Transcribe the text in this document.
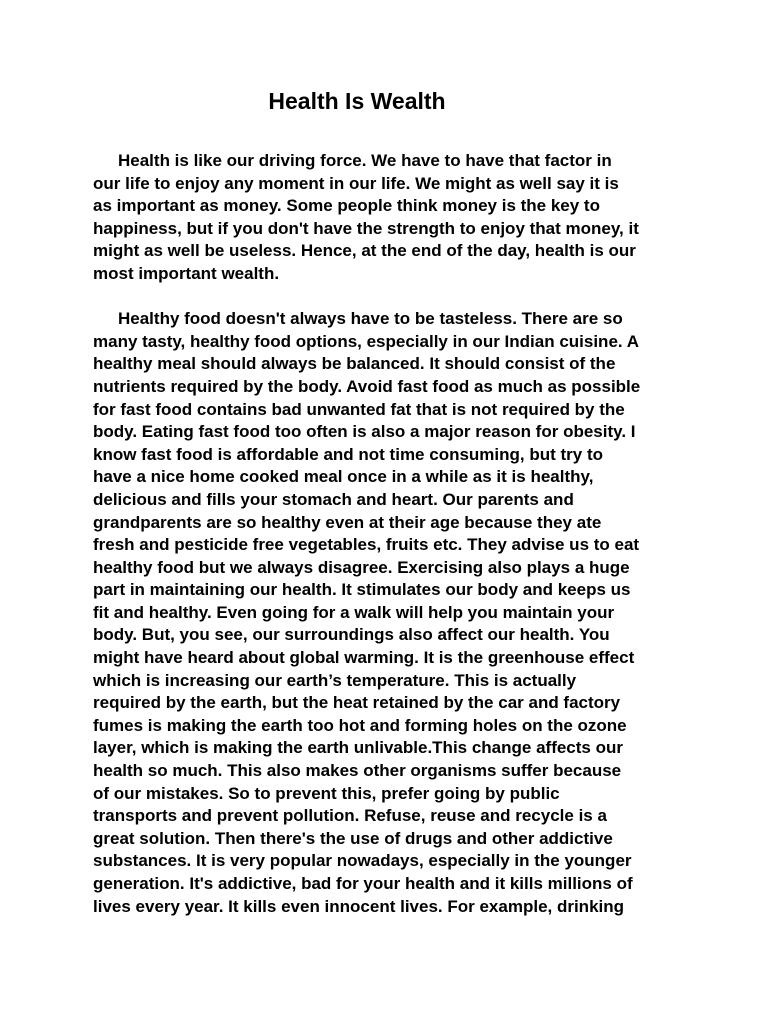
Health Is Wealth
Health is like our driving force. We have to have that factor in
our life to enjoy any moment in our life. We might as well say it is
as important as money. Some people think money is the key to
happiness, but if you don't have the strength to enjoy that money, it
might as well be useless. Hence, at the end of the day, health is our
most important wealth.
Healthy food doesn't always have to be tasteless. There are so
many tasty, healthy food options, especially in our Indian cuisine. A
healthy meal should always be balanced. It should consist of the
nutrients required by the body. Avoid fast food as much as possible
for fast food contains bad unwanted fat that is not required by the
body. Eating fast food too often is also a major reason for obesity. I
know fast food is affordable and not time consuming, but try to
have a nice home cooked meal once in a while as it is healthy,
delicious and fills your stomach and heart. Our parents and
grandparents are so healthy even at their age because they ate
fresh and pesticide free vegetables, fruits etc. They advise us to eat
healthy food but we always disagree. Exercising also plays a huge
part in maintaining our health. It stimulates our body and keeps us
fit and healthy. Even going for a walk will help you maintain your
body. But, you see, our surroundings also affect our health. You
might have heard about global warming. It is the greenhouse effect
which is increasing our earth’s temperature. This is actually
required by the earth, but the heat retained by the car and factory
fumes is making the earth too hot and forming holes on the ozone
layer, which is making the earth unlivable.This change affects our
health so much. This also makes other organisms suffer because
of our mistakes. So to prevent this, prefer going by public
transports and prevent pollution. Refuse, reuse and recycle is a
great solution. Then there's the use of drugs and other addictive
substances. It is very popular nowadays, especially in the younger
generation. It's addictive, bad for your health and it kills millions of
lives every year. It kills even innocent lives. For example, drinking
